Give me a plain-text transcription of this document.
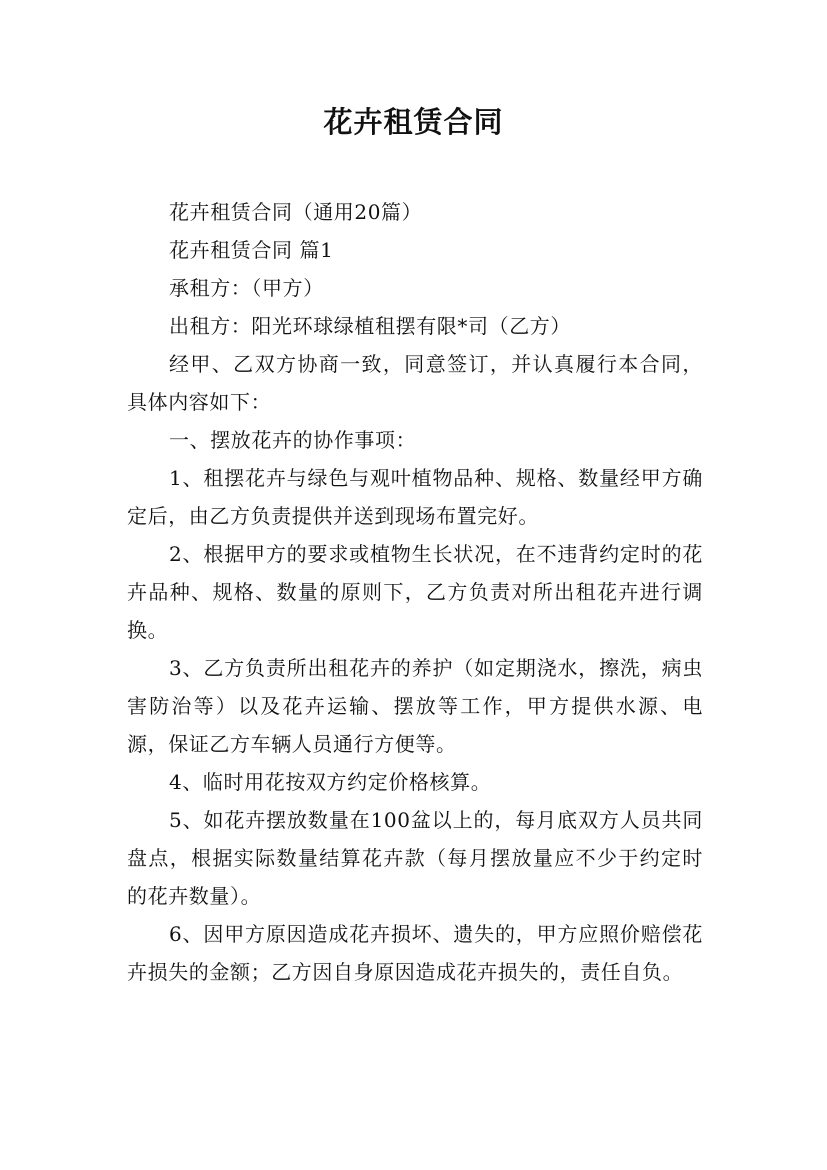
花卉租赁合同

花卉租赁合同（通用20篇）

花卉租赁合同 篇1

承租方：（甲方）

出租方：阳光环球绿植租摆有限*司（乙方）

经甲、乙双方协商一致，同意签订，并认真履行本合同，具体内容如下：

一、摆放花卉的协作事项：

1、租摆花卉与绿色与观叶植物品种、规格、数量经甲方确定后，由乙方负责提供并送到现场布置完好。

2、根据甲方的要求或植物生长状况，在不违背约定时的花卉品种、规格、数量的原则下，乙方负责对所出租花卉进行调换。

3、乙方负责所出租花卉的养护（如定期浇水，擦洗，病虫害防治等）以及花卉运输、摆放等工作，甲方提供水源、电源，保证乙方车辆人员通行方便等。

4、临时用花按双方约定价格核算。

5、如花卉摆放数量在100盆以上的，每月底双方人员共同盘点，根据实际数量结算花卉款（每月摆放量应不少于约定时的花卉数量）。

6、因甲方原因造成花卉损坏、遗失的，甲方应照价赔偿花卉损失的金额；乙方因自身原因造成花卉损失的，责任自负。
